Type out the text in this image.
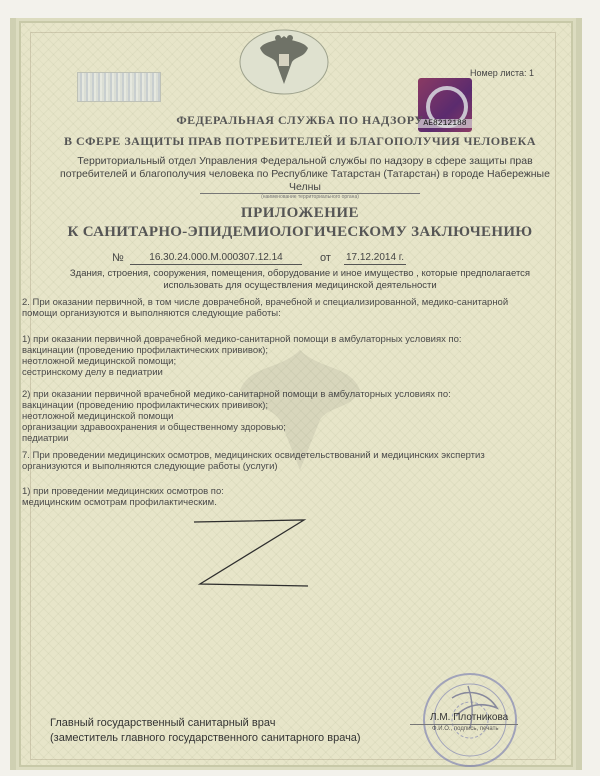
AE8212188
Номер листа: 1
ФЕДЕРАЛЬНАЯ СЛУЖБА ПО НАДЗОРУ
В СФЕРЕ ЗАЩИТЫ ПРАВ ПОТРЕБИТЕЛЕЙ И БЛАГОПОЛУЧИЯ ЧЕЛОВЕКА
Территориальный отдел Управления Федеральной службы по надзору в сфере защиты прав потребителей и благополучия человека по Республике Татарстан (Татарстан) в городе Набережные Челны
(наименование территориального органа)
ПРИЛОЖЕНИЕ
К САНИТАРНО-ЭПИДЕМИОЛОГИЧЕСКОМУ ЗАКЛЮЧЕНИЮ
№	16.30.24.000.М.000307.12.14	от 17.12.2014 г.
Здания, строения, сооружения, помещения, оборудование и иное имущество , которые предполагается
использовать для осуществления медицинской деятельности
2. При оказании первичной, в том числе доврачебной, врачебной и специализированной, медико-санитарной
помощи организуются и выполняются следующие работы:
1) при оказании первичной доврачебной медико-санитарной помощи в амбулаторных условиях по:
вакцинации (проведению профилактических прививок);
неотложной медицинской помощи;
сестринскому делу в педиатрии
2) при оказании первичной врачебной медико-санитарной помощи в амбулаторных условиях по:
вакцинации (проведению профилактических прививок);
неотложной медицинской помощи
организации здравоохранения и общественному здоровью;
педиатрии
7. При проведении медицинских осмотров, медицинских освидетельствований и медицинских экспертиз
организуются и выполняются следующие работы (услуги)
1) при проведении медицинских осмотров по:
медицинским осмотрам профилактическим.
Главный государственный санитарный врач
(заместитель главного государственного санитарного врача)
Л.М. Плотникова
Ф.И.О., подпись, печать
